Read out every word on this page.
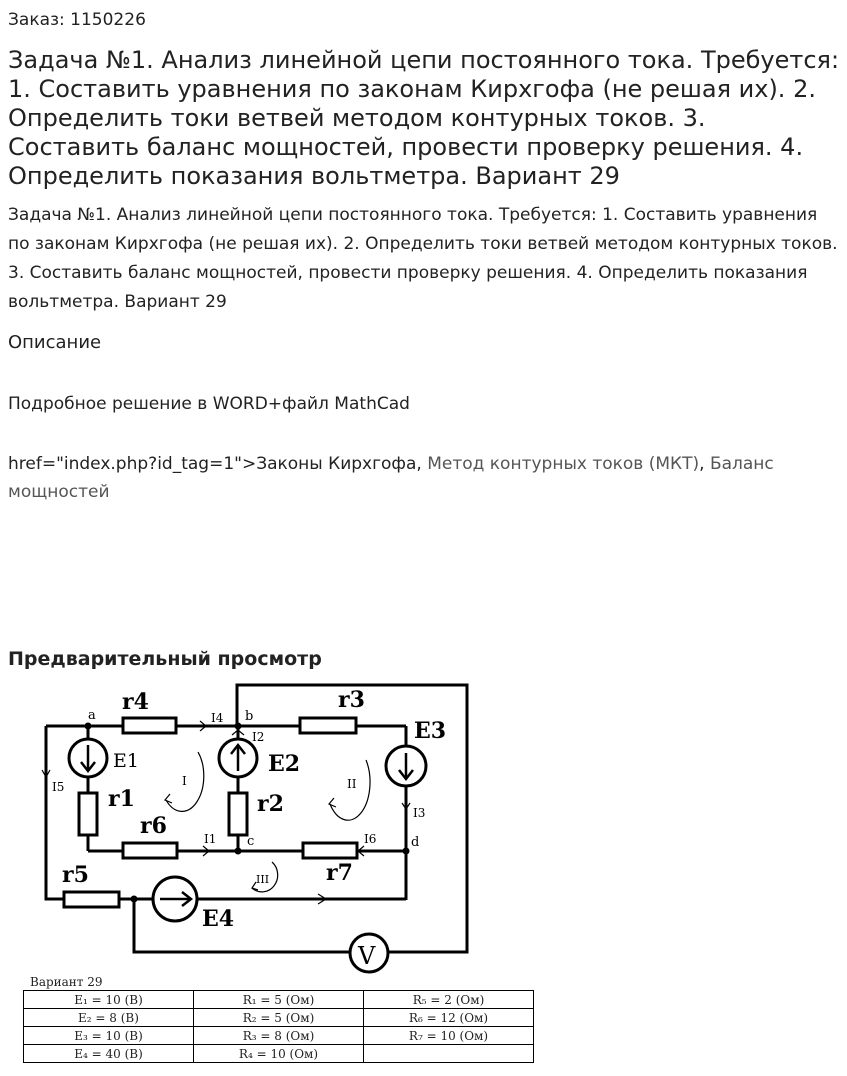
Заказ: 1150226
Задача №1. Анализ линейной цепи постоянного тока. Требуется: 1. Составить уравнения по законам Кирхгофа (не решая их). 2. Определить токи ветвей методом контурных токов. 3. Составить баланс мощностей, провести проверку решения. 4. Определить показания вольтметра. Вариант 29
Задача №1. Анализ линейной цепи постоянного тока. Требуется: 1. Составить уравнения по законам Кирхгофа (не решая их). 2. Определить токи ветвей методом контурных токов. 3. Составить баланс мощностей, провести проверку решения. 4. Определить показания вольтметра. Вариант 29
Описание
Подробное решение в WORD+файл MathCad
href="index.php?id_tag=1">Законы Кирхгофа, Метод контурных токов (МКТ), Баланс мощностей
Предварительный просмотр
r4	r3
E3
E1	E2
r1	r2
r6
r7
r5
E4
V
a	b
c	d
I4
I2
I5
I3
I1	I6
I	II
III
Вариант 29
E₁ = 10 (B)	R₁ = 5 (Ом)	R₅ = 2 (Ом)
E₂ = 8 (B)	R₂ = 5 (Ом)	R₆ = 12 (Ом)
E₃ = 10 (B)	R₃ = 8 (Ом)	R₇ = 10 (Ом)
E₄ = 40 (B)	R₄ = 10 (Ом)	
